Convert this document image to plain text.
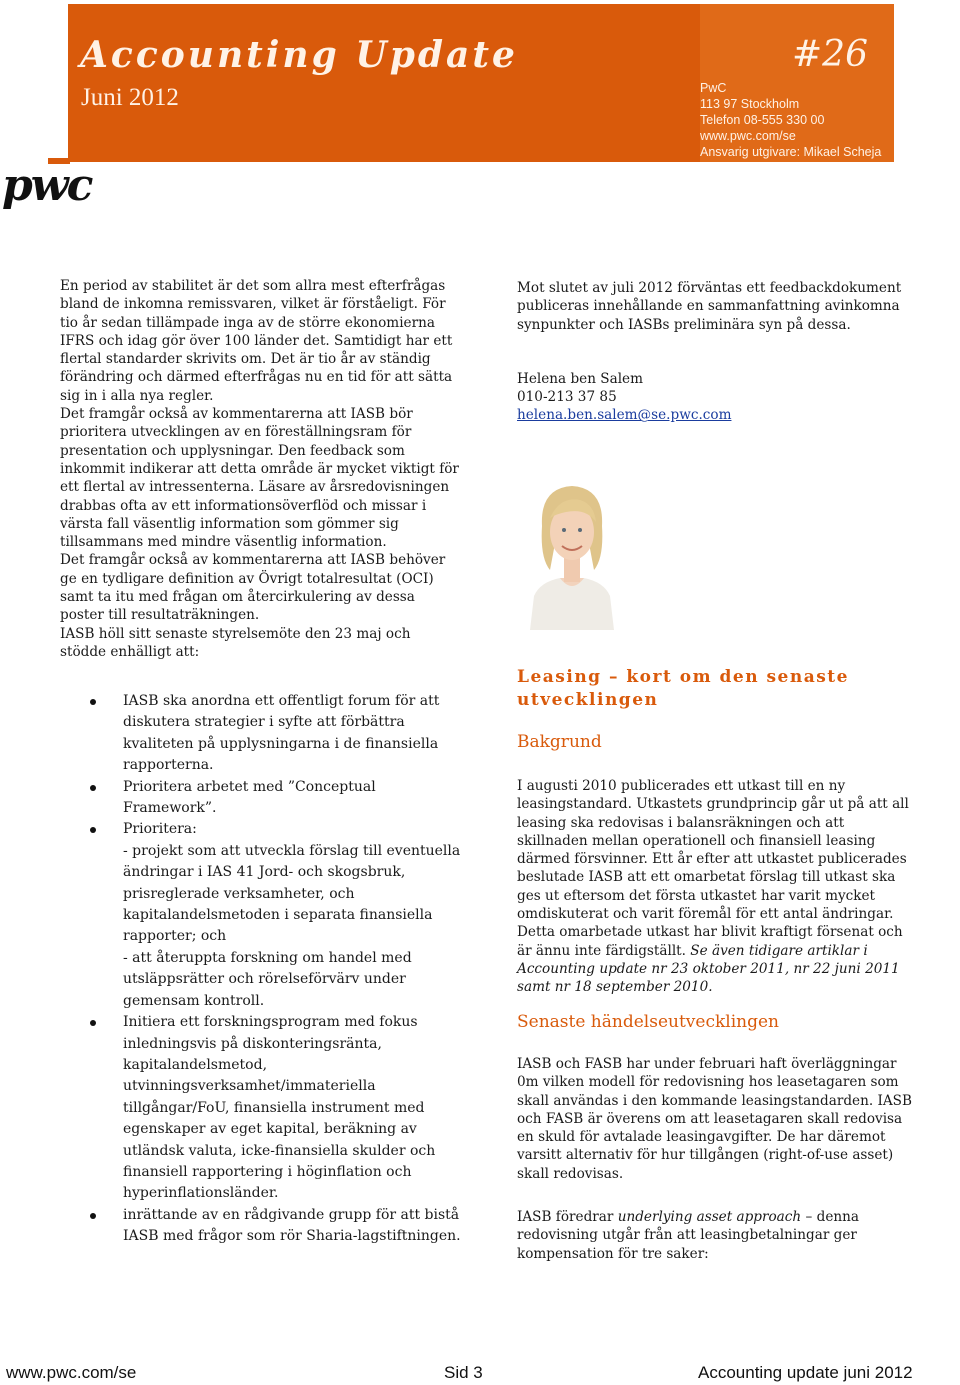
Accounting Update	#26
Juni 2012	PwC
113 97 Stockholm
Telefon 08-555 330 00
www.pwc.com/se
Ansvarig utgivare: Mikael Scheja
pwc

En period av stabilitet är det som allra mest efterfrågas bland de inkomna remissvaren, vilket är förståeligt. För tio år sedan tillämpade inga av de större ekonomierna IFRS och idag gör över 100 länder det. Samtidigt har ett flertal standarder skrivits om. Det är tio år av ständig förändring och därmed efterfrågas nu en tid för att sätta sig in i alla nya regler.

Det framgår också av kommentarerna att IASB bör prioritera utvecklingen av en föreställningsram för presentation och upplysningar. Den feedback som inkommit indikerar att detta område är mycket viktigt för ett flertal av intressenterna. Läsare av årsredovisningen drabbas ofta av ett informationsöverflöd och missar i värsta fall väsentlig information som gömmer sig tillsammans med mindre väsentlig information.

Det framgår också av kommentarerna att IASB behöver ge en tydligare definition av Övrigt totalresultat (OCI) samt ta itu med frågan om återcirkulering av dessa poster till resultaträkningen.

IASB höll sitt senaste styrelsemöte den 23 maj och stödde enhälligt att:

IASB ska anordna ett offentligt forum för att diskutera strategier i syfte att förbättra kvaliteten på upplysningarna i de finansiella rapporterna.
Prioritera arbetet med ”Conceptual Framework”.
Prioritera:
- projekt som att utveckla förslag till eventuella ändringar i IAS 41 Jord- och skogsbruk, prisreglerade verksamheter, och kapitalandelsmetoden i separata finansiella rapporter; och
- att återuppta forskning om handel med utsläppsrätter och rörelseförvärv under gemensam kontroll.
Initiera ett forskningsprogram med fokus inledningsvis på diskonteringsränta, kapitalandelsmetod, utvinningsverksamhet/immateriella tillgångar/FoU, finansiella instrument med egenskaper av eget kapital, beräkning av utländsk valuta, icke-finansiella skulder och finansiell rapportering i höginflation och hyperinflationsländer.
inrättande av en rådgivande grupp för att bistå IASB med frågor som rör Sharia-lagstiftningen.

Mot slutet av juli 2012 förväntas ett feedbackdokument publiceras innehållande en sammanfattning avinkomna synpunkter och IASBs preliminära syn på dessa.

Helena ben Salem

010-213 37 85

helena.ben.salem@se.pwc.com

Leasing – kort om den senaste utvecklingen
Bakgrund

I augusti 2010 publicerades ett utkast till en ny leasingstandard. Utkastets grundprincip går ut på att all leasing ska redovisas i balansräkningen och att skillnaden mellan operationell och finansiell leasing därmed försvinner. Ett år efter att utkastet publicerades beslutade IASB att ett omarbetat förslag till utkast ska ges ut eftersom det första utkastet har varit mycket omdiskuterat och varit föremål för ett antal ändringar. Detta omarbetade utkast har blivit kraftigt försenat och är ännu inte färdigställt. Se även tidigare artiklar i Accounting update nr 23 oktober 2011, nr 22 juni 2011 samt nr 18 september 2010.

Senaste händelseutvecklingen

IASB och FASB har under februari haft överläggningar 0m vilken modell för redovisning hos leasetagaren som skall användas i den kommande leasingstandarden. IASB och FASB är överens om att leasetagaren skall redovisa en skuld för avtalade leasingavgifter. De har däremot varsitt alternativ för hur tillgången (right-of-use asset) skall redovisas.

IASB föredrar underlying asset approach – denna redovisning utgår från att leasingbetalningar ger kompensation för tre saker:

www.pwc.com/se	Sid 3	Accounting update juni 2012
